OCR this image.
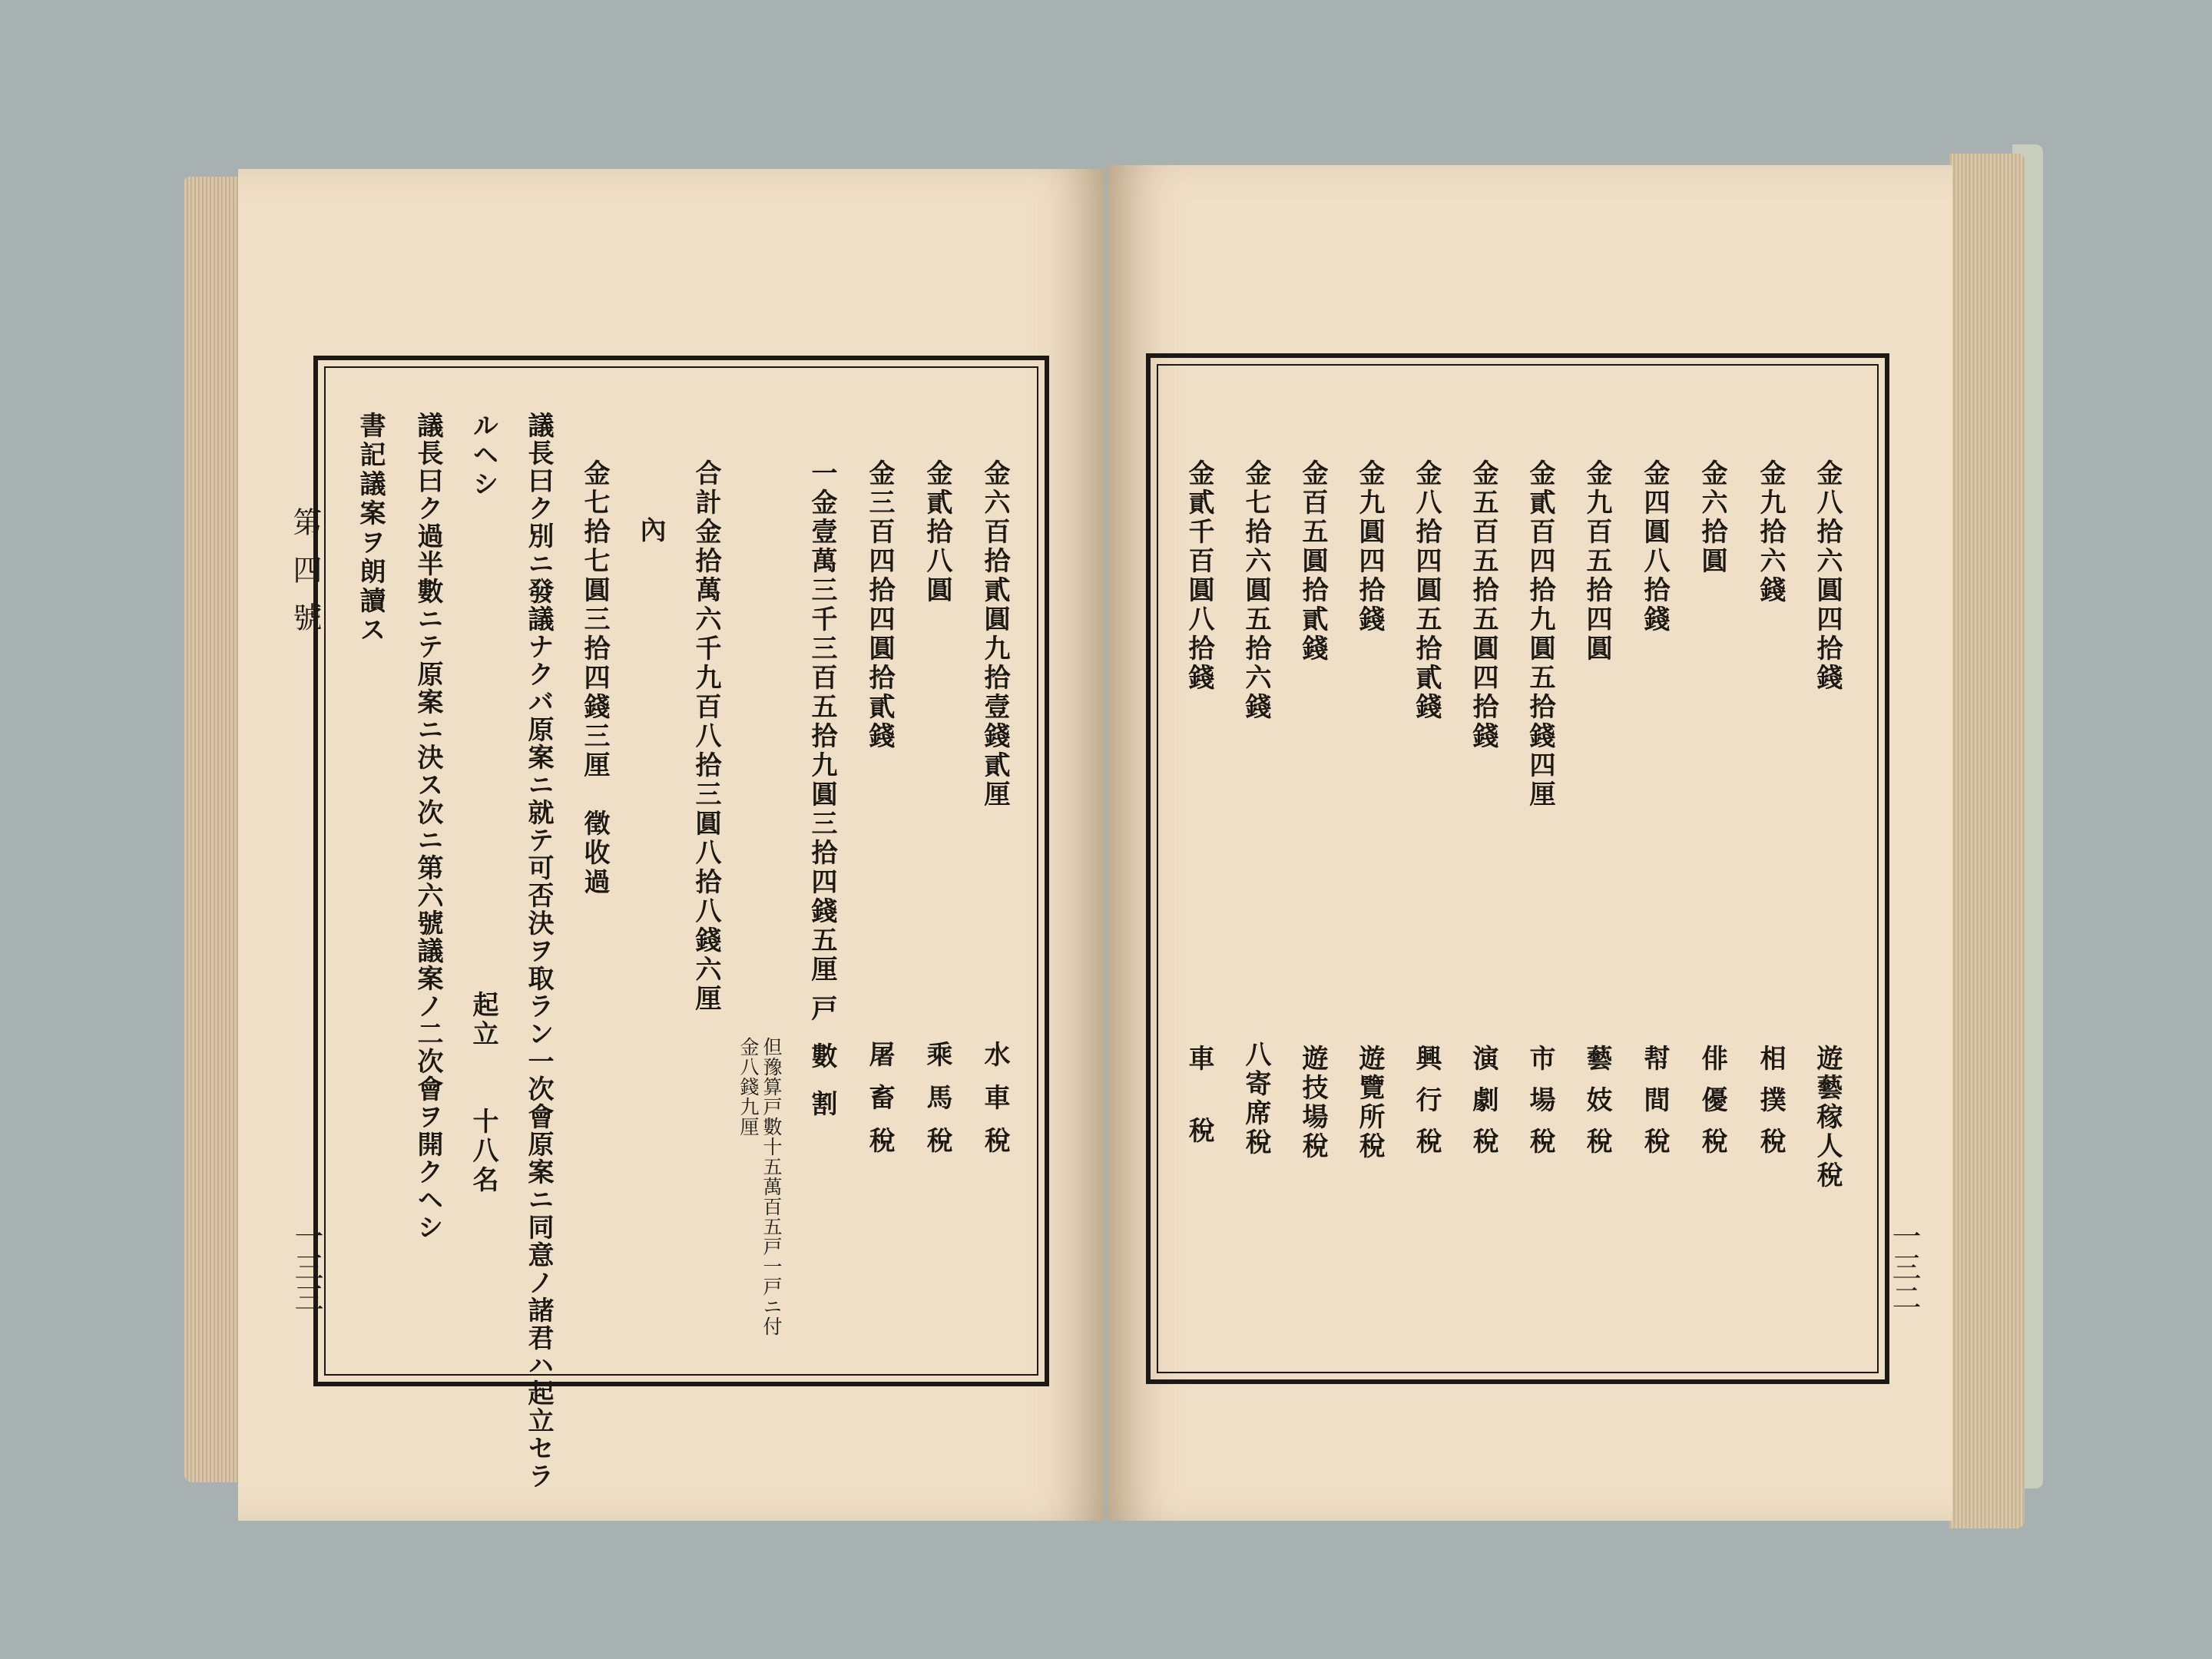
第四號
一三三
金六百拾貳圓九拾壹錢貳厘
水車稅
金貳拾八圓
乘馬稅
金三百四拾四圓拾貳錢
屠畜稅
一金壹萬三千三百五拾九圓三拾四錢五厘
戸數割
但豫算戸數十五萬百五戸一戸ニ付
金八錢九厘
合計金拾萬六千九百八拾三圓八拾八錢六厘
內
金七拾七圓三拾四錢三厘　徵收過
議長曰ク別ニ發議ナクバ原案ニ就テ可否決ヲ取ラン一次會原案ニ同意ノ諸君ハ起立セラ
ルヘシ
起立　　十八名
議長曰ク過半數ニテ原案ニ決ス次ニ第六號議案ノ二次會ヲ開クヘシ
書記議案ヲ朗讀ス
一三二
金八拾六圓四拾錢
遊藝稼人稅
金九拾六錢
相撲稅
金六拾圓
俳優稅
金四圓八拾錢
幇間稅
金九百五拾四圓
藝妓稅
金貳百四拾九圓五拾錢四厘
市場稅
金五百五拾五圓四拾錢
演劇稅
金八拾四圓五拾貳錢
興行稅
金九圓四拾錢
遊覽所稅
金百五圓拾貳錢
遊技場稅
金七拾六圓五拾六錢
八寄席稅
金貳千百圓八拾錢
車稅
